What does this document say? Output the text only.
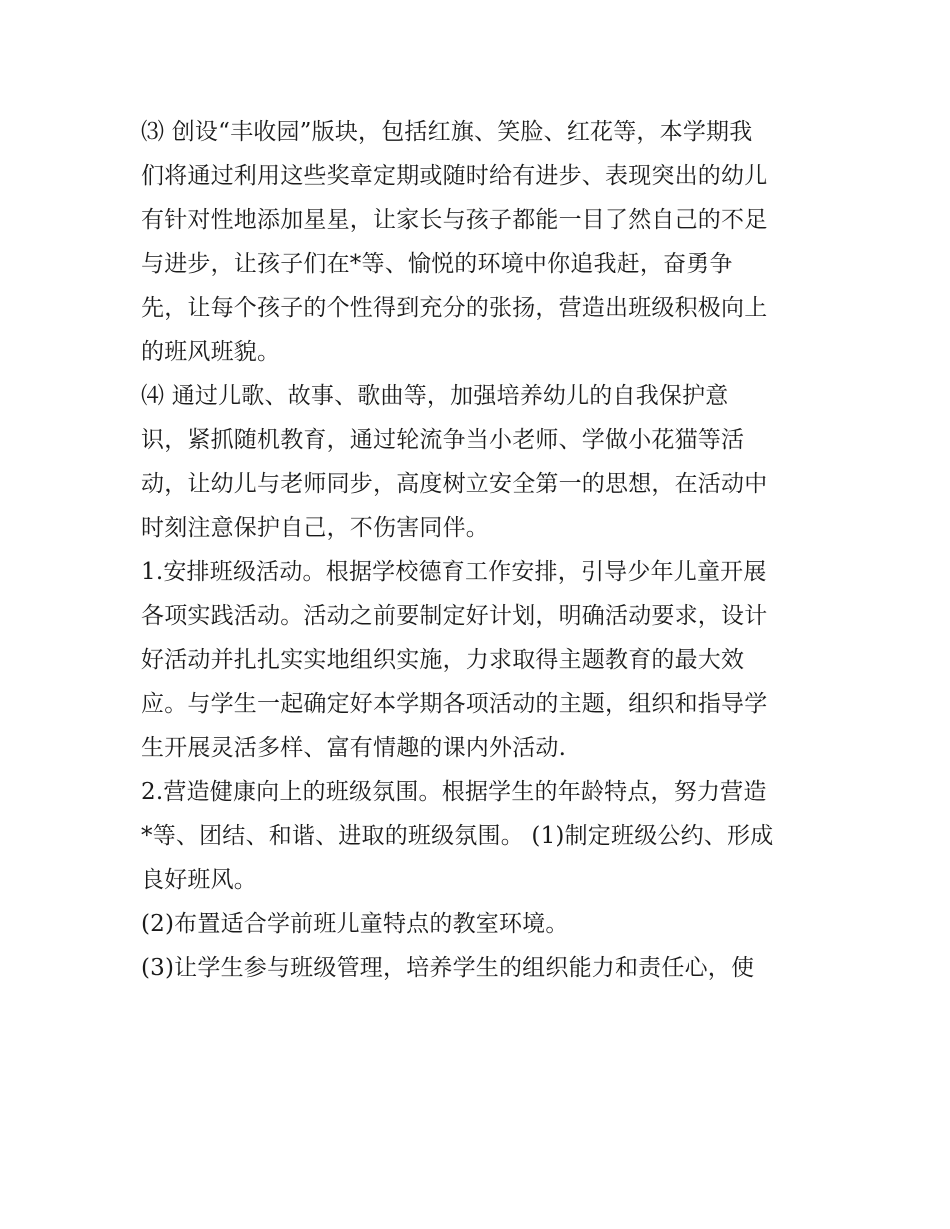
⑶ 创设“丰收园”版块，包括红旗、笑脸、红花等，本学期我
们将通过利用这些奖章定期或随时给有进步、表现突出的幼儿
有针对性地添加星星，让家长与孩子都能一目了然自己的不足
与进步，让孩子们在*等、愉悦的环境中你追我赶，奋勇争
先，让每个孩子的个性得到充分的张扬，营造出班级积极向上
的班风班貌。
⑷ 通过儿歌、故事、歌曲等，加强培养幼儿的自我保护意
识，紧抓随机教育，通过轮流争当小老师、学做小花猫等活
动，让幼儿与老师同步，高度树立安全第一的思想，在活动中
时刻注意保护自己，不伤害同伴。
1.安排班级活动。根据学校德育工作安排，引导少年儿童开展
各项实践活动。活动之前要制定好计划，明确活动要求，设计
好活动并扎扎实实地组织实施，力求取得主题教育的最大效
应。与学生一起确定好本学期各项活动的主题，组织和指导学
生开展灵活多样、富有情趣的课内外活动.
2.营造健康向上的班级氛围。根据学生的年龄特点，努力营造
*等、团结、和谐、进取的班级氛围。 (1)制定班级公约、形成
良好班风。
(2)布置适合学前班儿童特点的教室环境。
(3)让学生参与班级管理，培养学生的组织能力和责任心，使
